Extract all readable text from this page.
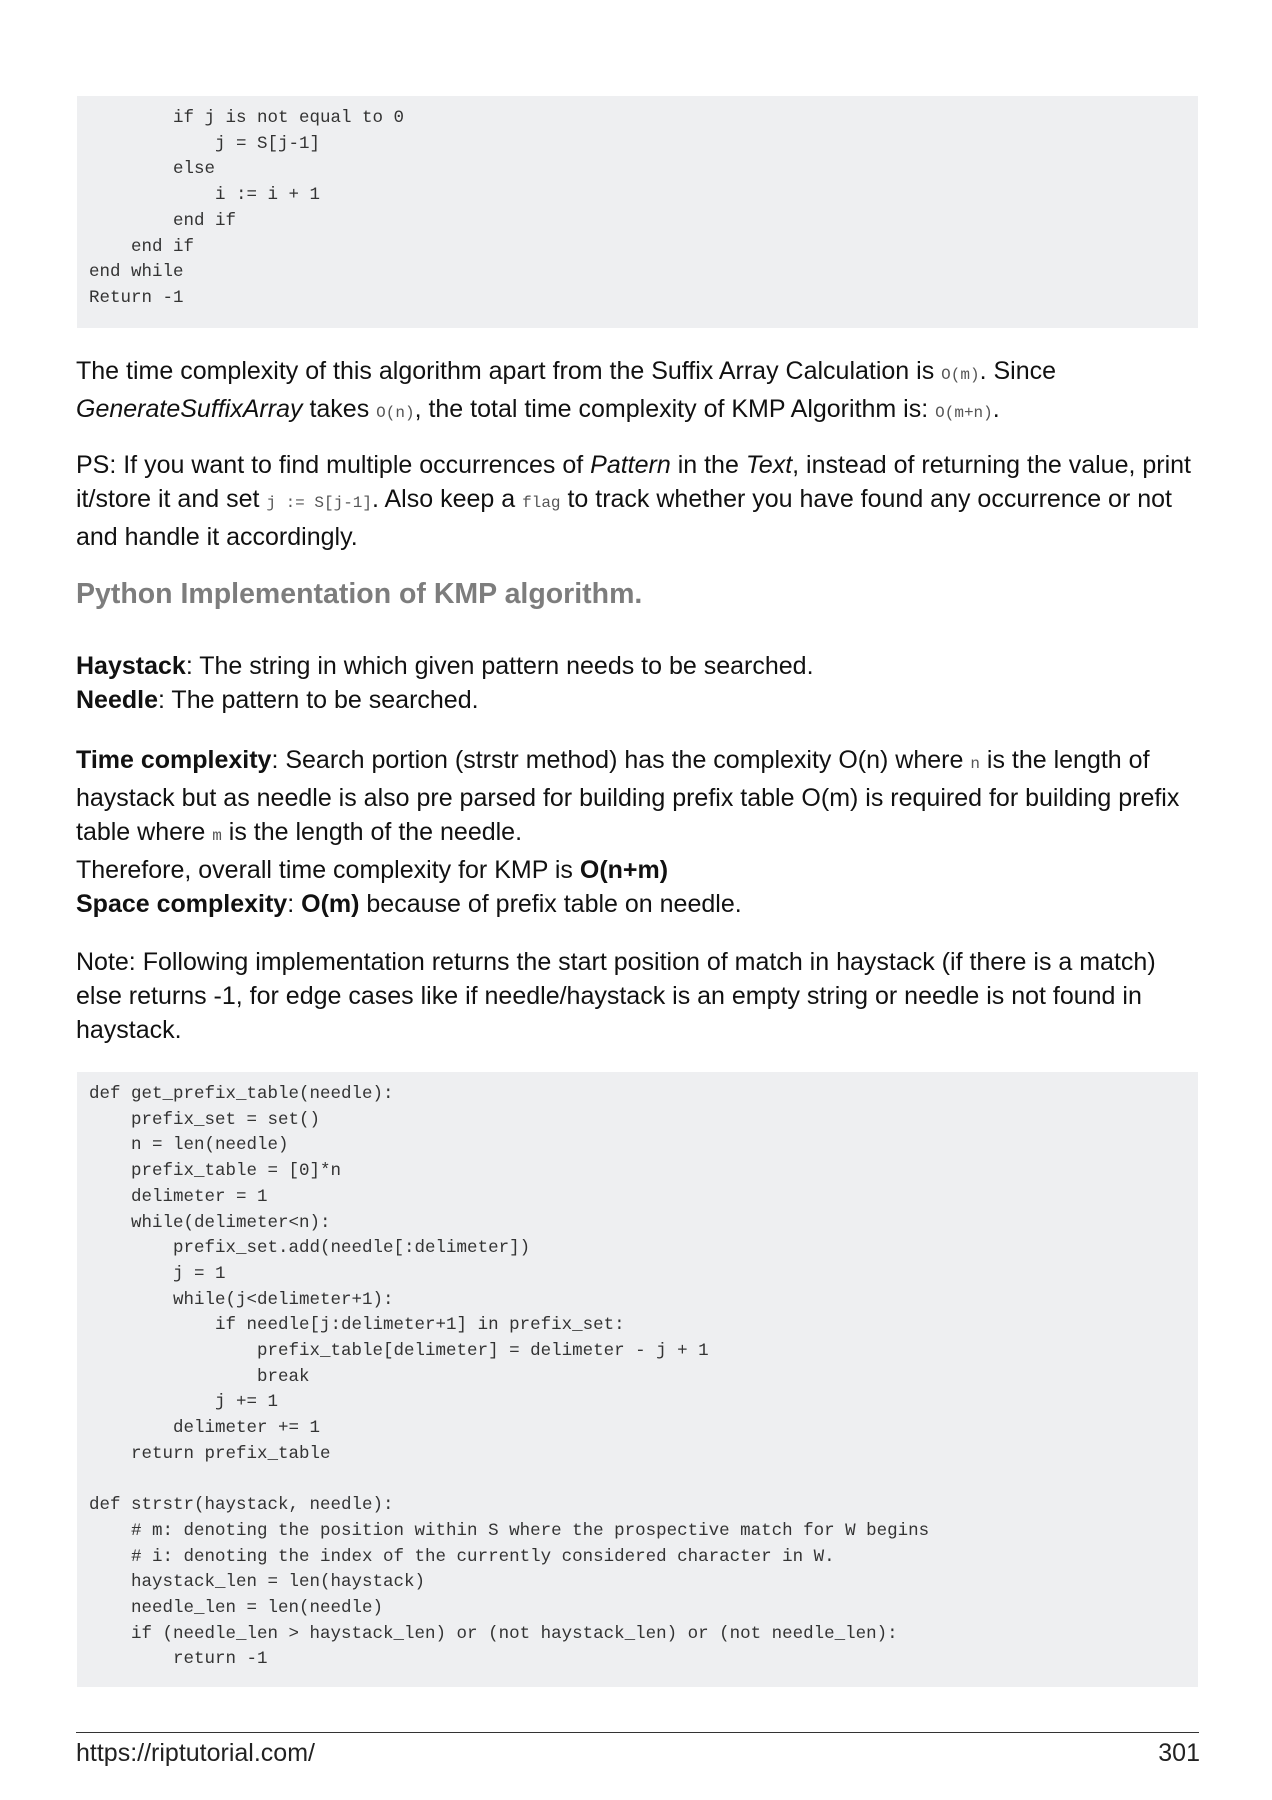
if j is not equal to 0
j = S[j-1]
else
i := i + 1
end if
end if
end while
Return -1

The time complexity of this algorithm apart from the Suffix Array Calculation is O(m). Since GenerateSuffixArray takes O(n), the total time complexity of KMP Algorithm is: O(m+n).

PS: If you want to find multiple occurrences of Pattern in the Text, instead of returning the value, print it/store it and set j := S[j-1]. Also keep a flag to track whether you have found any occurrence or not and handle it accordingly.

Python Implementation of KMP algorithm.

Haystack: The string in which given pattern needs to be searched.
Needle: The pattern to be searched.

Time complexity: Search portion (strstr method) has the complexity O(n) where n is the length of haystack but as needle is also pre parsed for building prefix table O(m) is required for building prefix table where m is the length of the needle.
Therefore, overall time complexity for KMP is O(n+m)
Space complexity: O(m) because of prefix table on needle.

Note: Following implementation returns the start position of match in haystack (if there is a match) else returns -1, for edge cases like if needle/haystack is an empty string or needle is not found in haystack.

def get_prefix_table(needle):
prefix_set = set()
n = len(needle)
prefix_table = [0]*n
delimeter = 1
while(delimeter<n):
prefix_set.add(needle[:delimeter])
j = 1
while(j<delimeter+1):
if needle[j:delimeter+1] in prefix_set:
prefix_table[delimeter] = delimeter - j + 1
break
j += 1
delimeter += 1
return prefix_table

def strstr(haystack, needle):
# m: denoting the position within S where the prospective match for W begins
# i: denoting the index of the currently considered character in W.
haystack_len = len(haystack)
needle_len = len(needle)
if (needle_len > haystack_len) or (not haystack_len) or (not needle_len):
return -1
https://riptutorial.com/	301
